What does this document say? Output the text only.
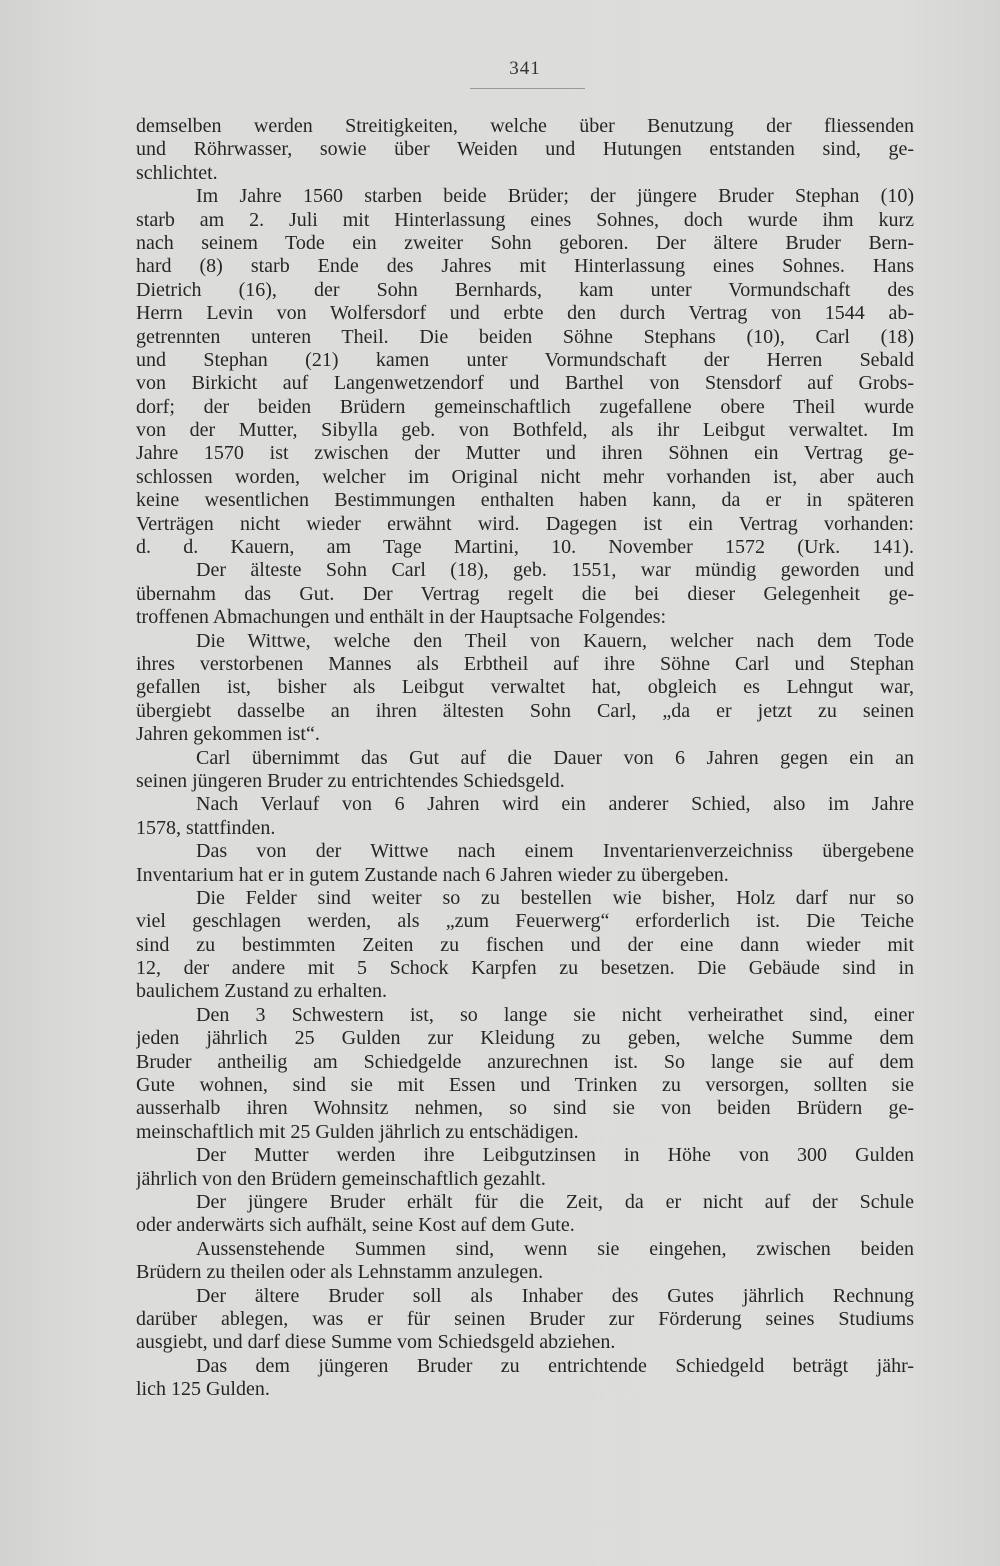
341
demselben werden Streitigkeiten, welche über Benutzung der fliessenden
und Röhrwasser, sowie über Weiden und Hutungen entstanden sind, ge-
schlichtet.
Im Jahre 1560 starben beide Brüder; der jüngere Bruder Stephan (10)
starb am 2. Juli mit Hinterlassung eines Sohnes, doch wurde ihm kurz
nach seinem Tode ein zweiter Sohn geboren. Der ältere Bruder Bern-
hard (8) starb Ende des Jahres mit Hinterlassung eines Sohnes. Hans
Dietrich (16), der Sohn Bernhards, kam unter Vormundschaft des
Herrn Levin von Wolfersdorf und erbte den durch Vertrag von 1544 ab-
getrennten unteren Theil. Die beiden Söhne Stephans (10), Carl (18)
und Stephan (21) kamen unter Vormundschaft der Herren Sebald
von Birkicht auf Langenwetzendorf und Barthel von Stensdorf auf Grobs-
dorf; der beiden Brüdern gemeinschaftlich zugefallene obere Theil wurde
von der Mutter, Sibylla geb. von Bothfeld, als ihr Leibgut verwaltet. Im
Jahre 1570 ist zwischen der Mutter und ihren Söhnen ein Vertrag ge-
schlossen worden, welcher im Original nicht mehr vorhanden ist, aber auch
keine wesentlichen Bestimmungen enthalten haben kann, da er in späteren
Verträgen nicht wieder erwähnt wird. Dagegen ist ein Vertrag vorhanden:
d. d. Kauern, am Tage Martini, 10. November 1572 (Urk. 141).
Der älteste Sohn Carl (18), geb. 1551, war mündig geworden und
übernahm das Gut. Der Vertrag regelt die bei dieser Gelegenheit ge-
troffenen Abmachungen und enthält in der Hauptsache Folgendes:
Die Wittwe, welche den Theil von Kauern, welcher nach dem Tode
ihres verstorbenen Mannes als Erbtheil auf ihre Söhne Carl und Stephan
gefallen ist, bisher als Leibgut verwaltet hat, obgleich es Lehngut war,
übergiebt dasselbe an ihren ältesten Sohn Carl, „da er jetzt zu seinen
Jahren gekommen ist“.
Carl übernimmt das Gut auf die Dauer von 6 Jahren gegen ein an
seinen jüngeren Bruder zu entrichtendes Schiedsgeld.
Nach Verlauf von 6 Jahren wird ein anderer Schied, also im Jahre
1578, stattfinden.
Das von der Wittwe nach einem Inventarienverzeichniss übergebene
Inventarium hat er in gutem Zustande nach 6 Jahren wieder zu übergeben.
Die Felder sind weiter so zu bestellen wie bisher, Holz darf nur so
viel geschlagen werden, als „zum Feuerwerg“ erforderlich ist. Die Teiche
sind zu bestimmten Zeiten zu fischen und der eine dann wieder mit
12, der andere mit 5 Schock Karpfen zu besetzen. Die Gebäude sind in
baulichem Zustand zu erhalten.
Den 3 Schwestern ist, so lange sie nicht verheirathet sind, einer
jeden jährlich 25 Gulden zur Kleidung zu geben, welche Summe dem
Bruder antheilig am Schiedgelde anzurechnen ist. So lange sie auf dem
Gute wohnen, sind sie mit Essen und Trinken zu versorgen, sollten sie
ausserhalb ihren Wohnsitz nehmen, so sind sie von beiden Brüdern ge-
meinschaftlich mit 25 Gulden jährlich zu entschädigen.
Der Mutter werden ihre Leibgutzinsen in Höhe von 300 Gulden
jährlich von den Brüdern gemeinschaftlich gezahlt.
Der jüngere Bruder erhält für die Zeit, da er nicht auf der Schule
oder anderwärts sich aufhält, seine Kost auf dem Gute.
Aussenstehende Summen sind, wenn sie eingehen, zwischen beiden
Brüdern zu theilen oder als Lehnstamm anzulegen.
Der ältere Bruder soll als Inhaber des Gutes jährlich Rechnung
darüber ablegen, was er für seinen Bruder zur Förderung seines Studiums
ausgiebt, und darf diese Summe vom Schiedsgeld abziehen.
Das dem jüngeren Bruder zu entrichtende Schiedgeld beträgt jähr-
lich 125 Gulden.
